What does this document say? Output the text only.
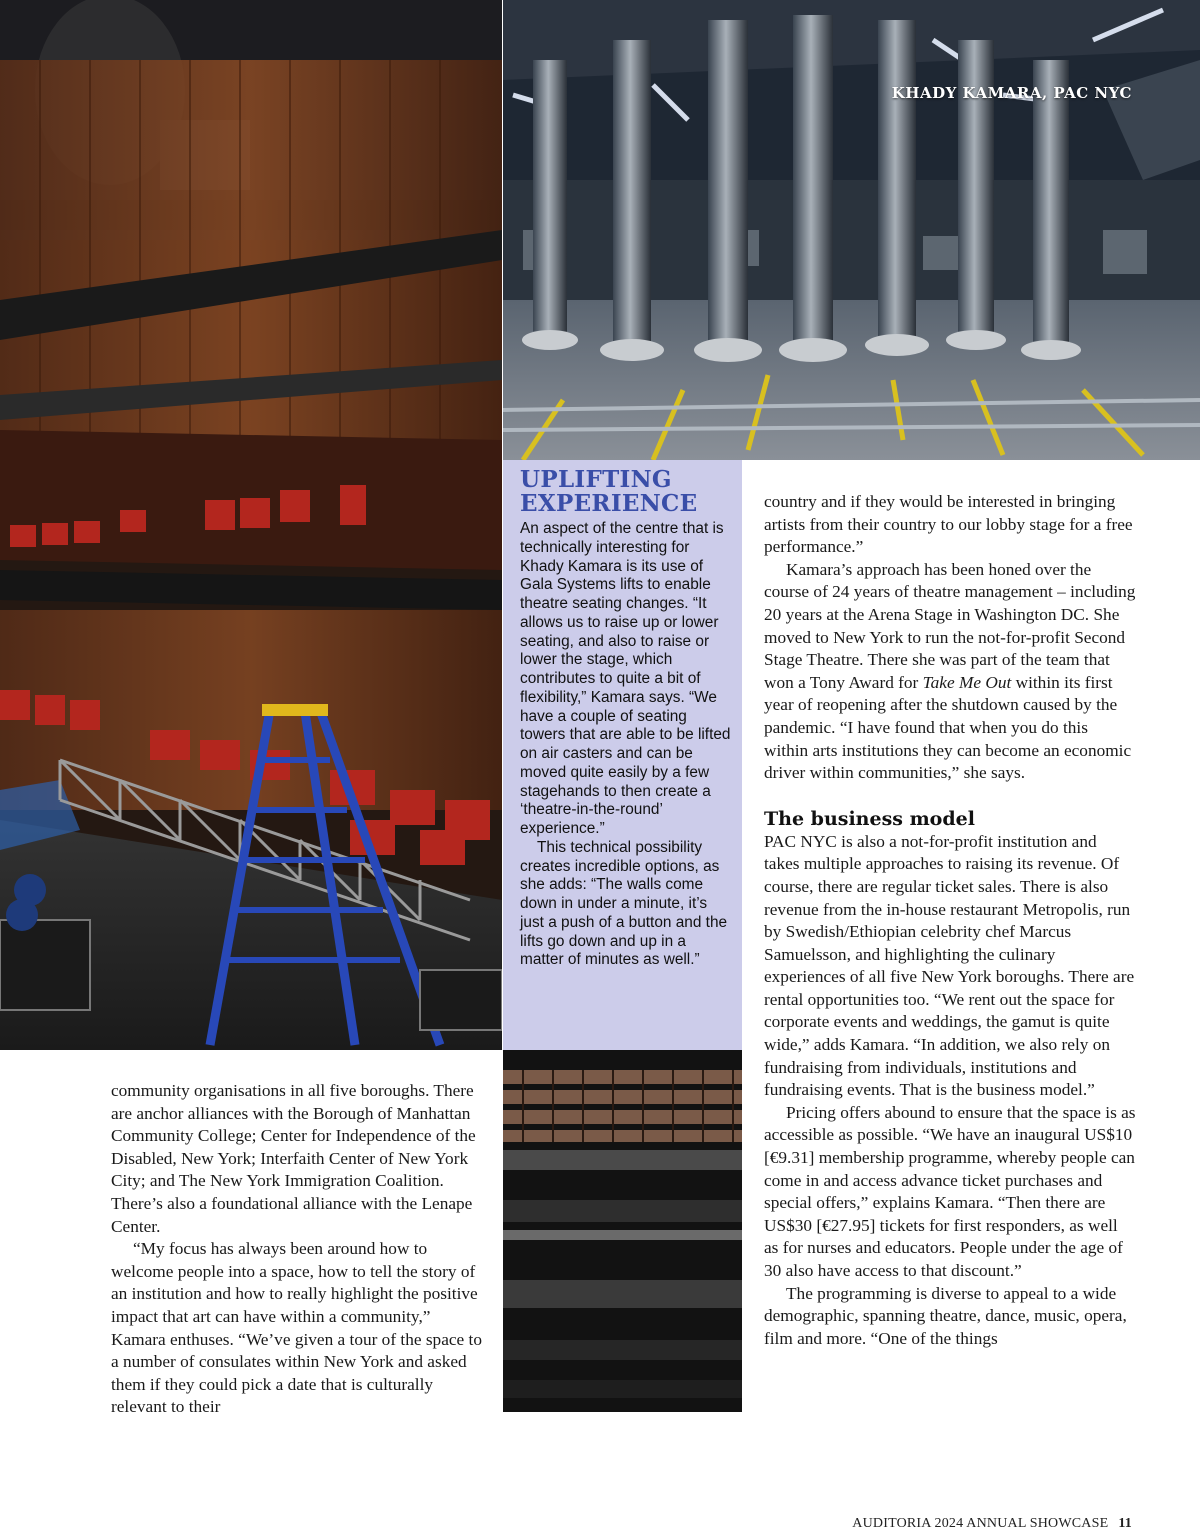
KHADY KAMARA, PAC NYC
UPLIFTING
EXPERIENCE

An aspect of the centre that is technically interesting for Khady Kamara is its use of Gala Systems lifts to enable theatre seating changes. “It allows us to raise up or lower seating, and also to raise or lower the stage, which contributes to quite a bit of flexibility,” Kamara says. “We have a couple of seating towers that are able to be lifted on air casters and can be moved quite easily by a few stagehands to then create a ‘theatre-in-the-round’ experience.”

This technical possibility creates incredible options, as she adds: “The walls come down in under a minute, it’s just a push of a button and the lifts go down and up in a matter of minutes as well.”

community organisations in all five boroughs. There are anchor alliances with the Borough of Manhattan Community College; Center for Independence of the Disabled, New York; Interfaith Center of New York City; and The New York Immigration Coalition. There’s also a foundational alliance with the Lenape Center.

“My focus has always been around how to welcome people into a space, how to tell the story of an institution and how to really highlight the positive impact that art can have within a community,” Kamara enthuses. “We’ve given a tour of the space to a number of consulates within New York and asked them if they could pick a date that is culturally relevant to their

country and if they would be interested in bringing artists from their country to our lobby stage for a free performance.”

Kamara’s approach has been honed over the course of 24 years of theatre management – including 20 years at the Arena Stage in Washington DC. She moved to New York to run the not-for-profit Second Stage Theatre. There she was part of the team that won a Tony Award for Take Me Out within its first year of reopening after the shutdown caused by the pandemic. “I have found that when you do this within arts institutions they can become an economic driver within communities,” she says.

The business model

PAC NYC is also a not-for-profit institution and takes multiple approaches to raising its revenue. Of course, there are regular ticket sales. There is also revenue from the in-house restaurant Metropolis, run by Swedish/Ethiopian celebrity chef Marcus Samuelsson, and highlighting the culinary experiences of all five New York boroughs. There are rental opportunities too. “We rent out the space for corporate events and weddings, the gamut is quite wide,” adds Kamara. “In addition, we also rely on fundraising from individuals, institutions and fundraising events. That is the business model.”

Pricing offers abound to ensure that the space is as accessible as possible. “We have an inaugural US$10 [€9.31] membership programme, whereby people can come in and access advance ticket purchases and special offers,” explains Kamara. “Then there are US$30 [€27.95] tickets for first responders, as well as for nurses and educators. People under the age of 30 also have access to that discount.”

The programming is diverse to appeal to a wide demographic, spanning theatre, dance, music, opera, film and more. “One of the things

AUDITORIA 2024 ANNUAL SHOWCASE 11
